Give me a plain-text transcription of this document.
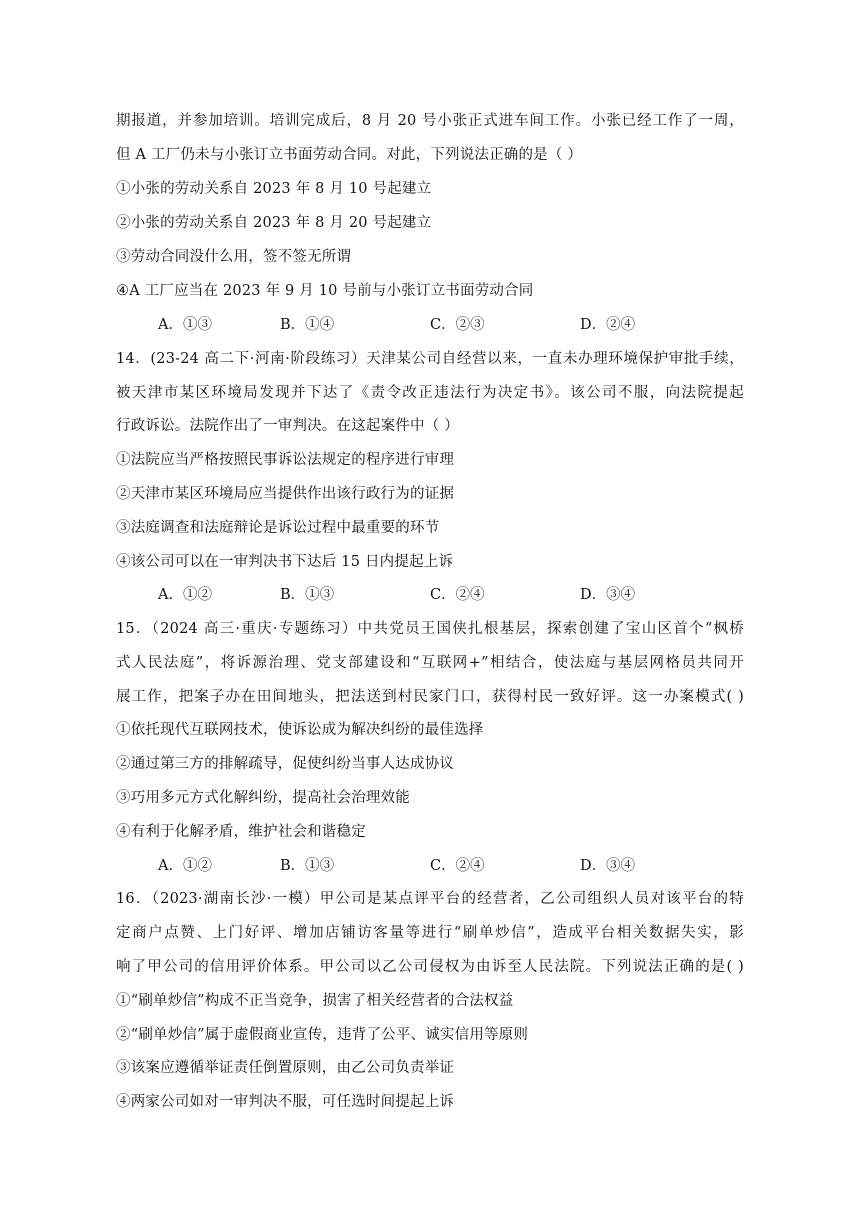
期报道，并参加培训。培训完成后，8 月 20 号小张正式进车间工作。小张已经工作了一周，
但 A 工厂仍未与小张订立书面劳动合同。对此，下列说法正确的是（ ）
①小张的劳动关系自 2023 年 8 月 10 号起建立
②小张的劳动关系自 2023 年 8 月 20 号起建立
③劳动合同没什么用，签不签无所谓
④A 工厂应当在 2023 年 9 月 10 号前与小张订立书面劳动合同
A．①③	B．①④	C．②③	D．②④
14．(23-24 高二下·河南·阶段练习）天津某公司自经营以来，一直未办理环境保护审批手续，
被天津市某区环境局发现并下达了《责令改正违法行为决定书》。该公司不服，向法院提起
行政诉讼。法院作出了一审判决。在这起案件中（ ）
①法院应当严格按照民事诉讼法规定的程序进行审理
②天津市某区环境局应当提供作出该行政行为的证据
③法庭调查和法庭辩论是诉讼过程中最重要的环节
④该公司可以在一审判决书下达后 15 日内提起上诉
A．①②	B．①③	C．②④	D．③④
15．（2024 高三·重庆·专题练习）中共党员王国侠扎根基层，探索创建了宝山区首个“枫桥
式人民法庭”，将诉源治理、党支部建设和“互联网+”相结合，使法庭与基层网格员共同开
展工作，把案子办在田间地头，把法送到村民家门口，获得村民一致好评。这一办案模式( )
①依托现代互联网技术，使诉讼成为解决纠纷的最佳选择
②通过第三方的排解疏导，促使纠纷当事人达成协议
③巧用多元方式化解纠纷，提高社会治理效能
④有利于化解矛盾，维护社会和谐稳定
A．①②	B．①③	C．②④	D．③④
16．（2023·湖南长沙·一模）甲公司是某点评平台的经营者，乙公司组织人员对该平台的特
定商户点赞、上门好评、增加店铺访客量等进行“刷单炒信”，造成平台相关数据失实，影
响了甲公司的信用评价体系。甲公司以乙公司侵权为由诉至人民法院。下列说法正确的是( )
①“刷单炒信”构成不正当竞争，损害了相关经营者的合法权益
②“刷单炒信”属于虚假商业宣传，违背了公平、诚实信用等原则
③该案应遵循举证责任倒置原则，由乙公司负责举证
④两家公司如对一审判决不服，可任选时间提起上诉
